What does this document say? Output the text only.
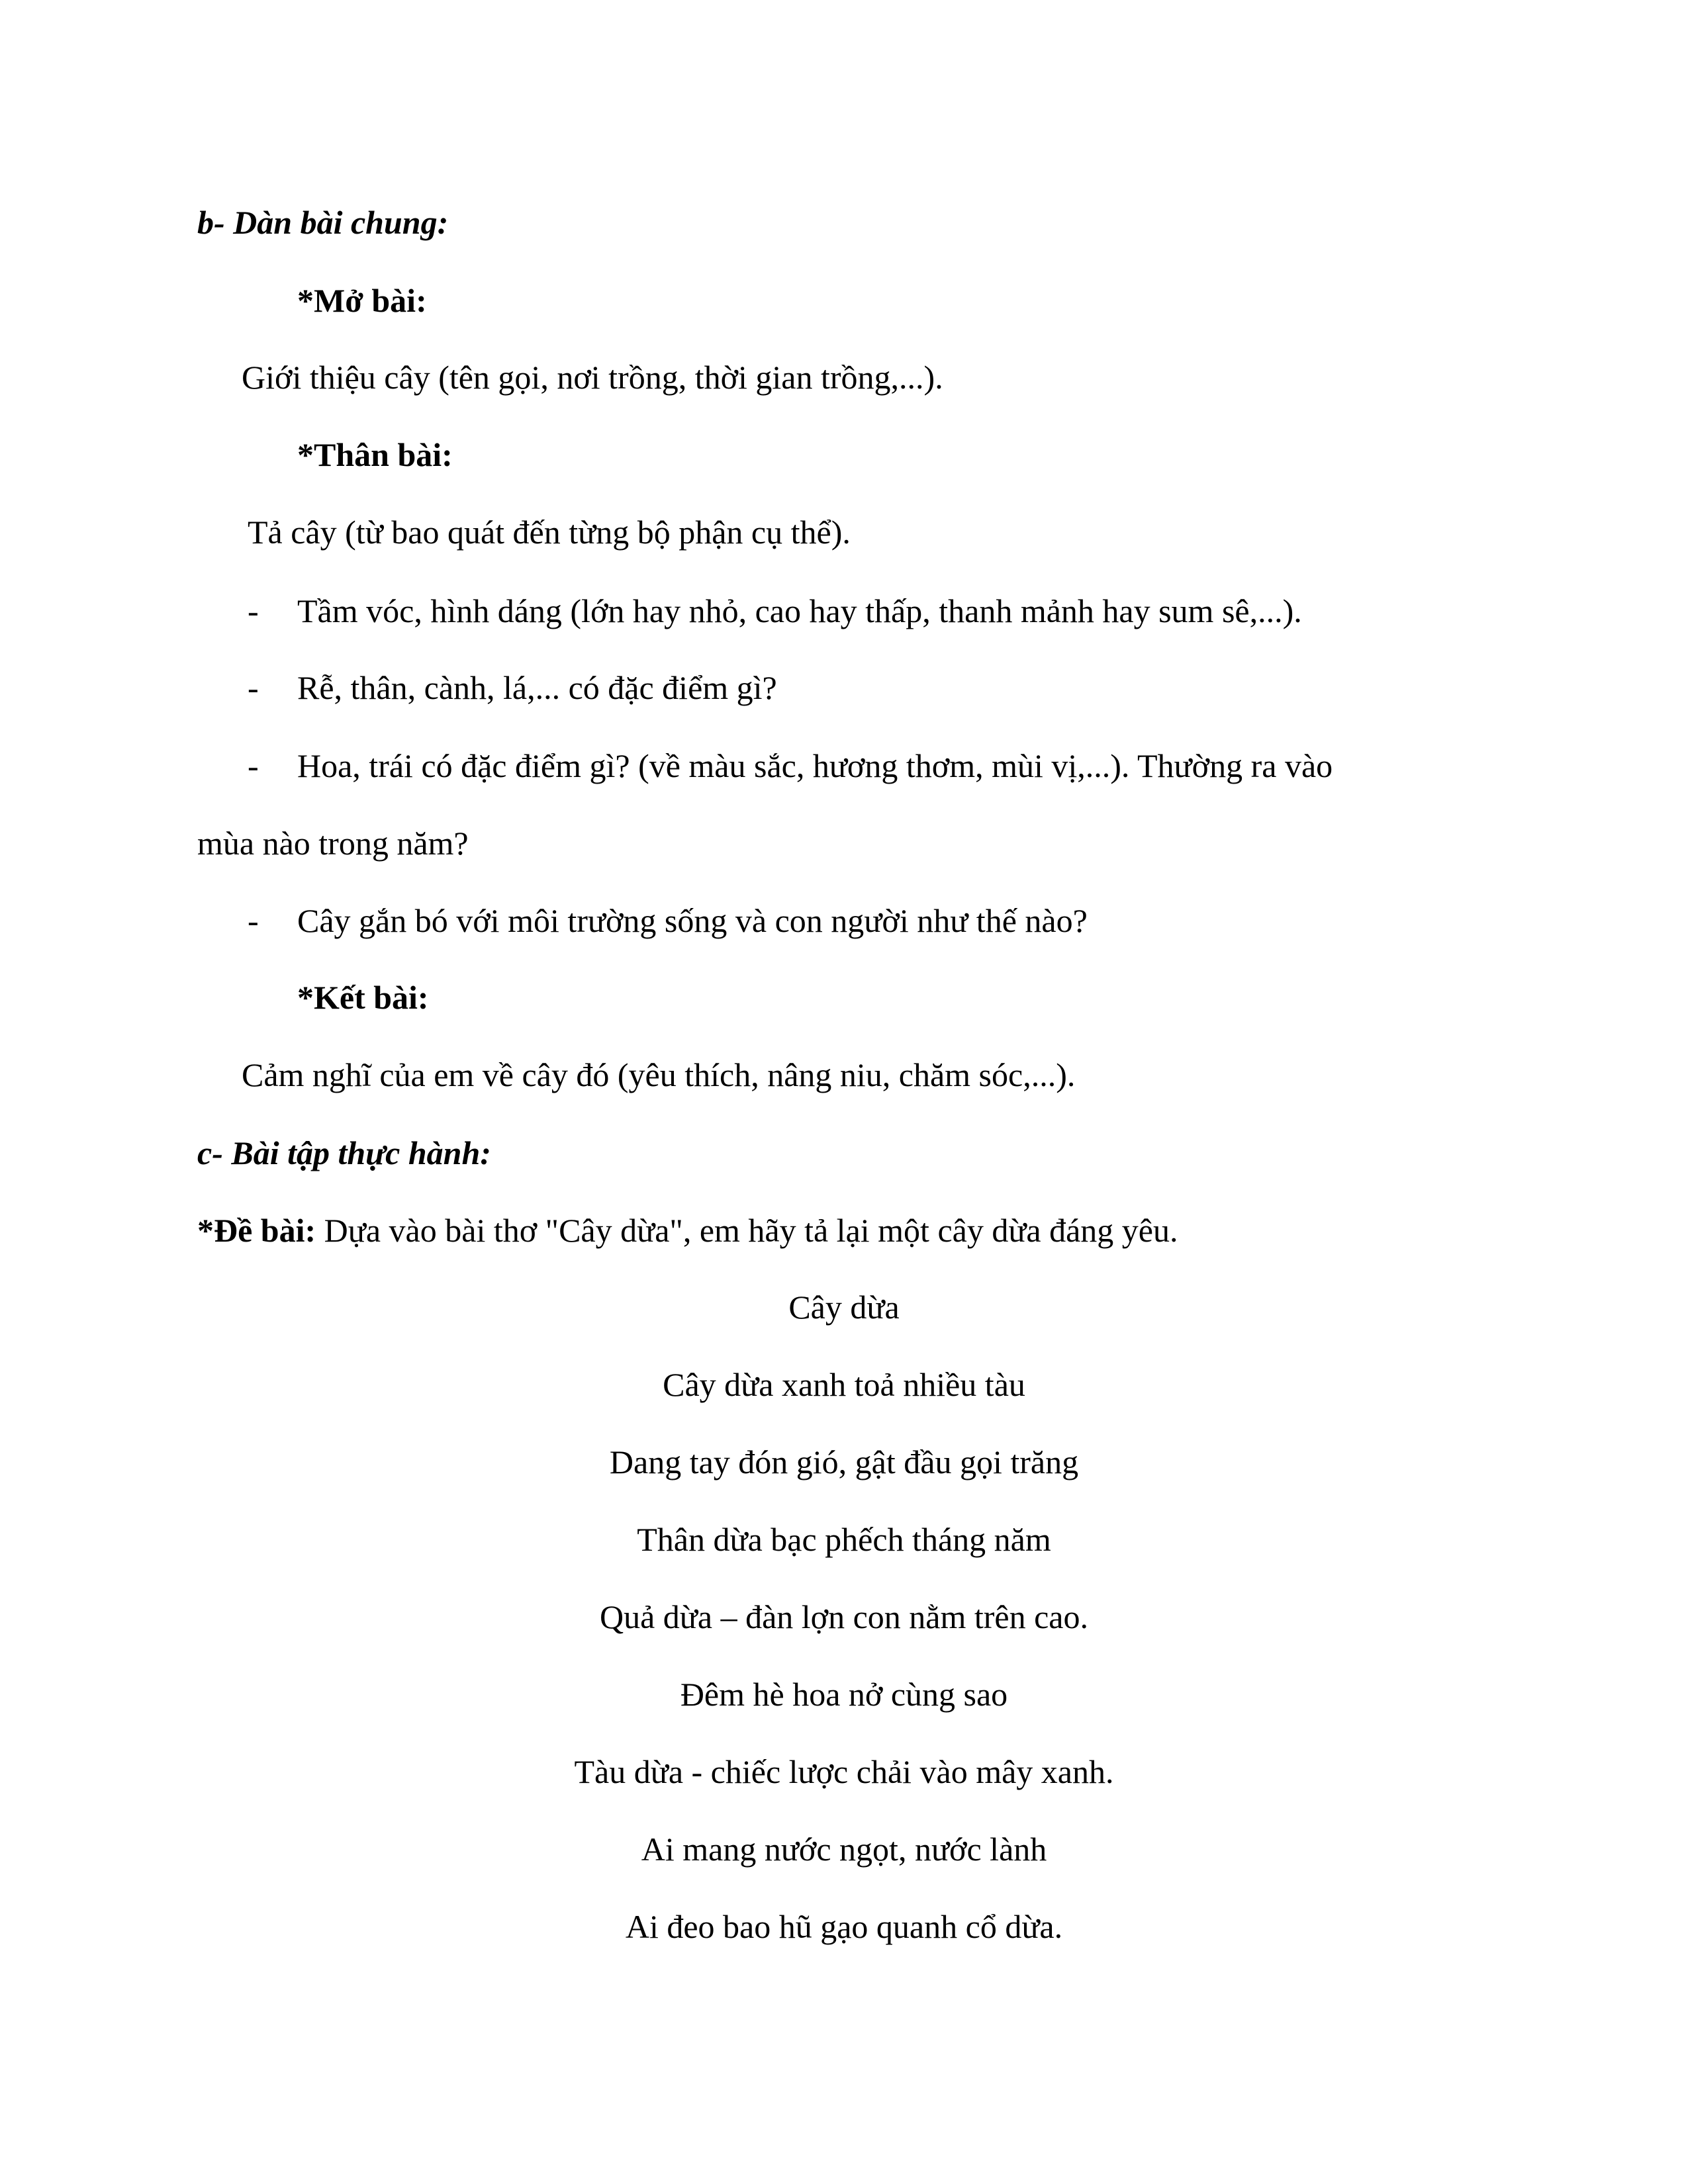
b- Dàn bài chung:
*Mở bài:
Giới thiệu cây (tên gọi, nơi trồng, thời gian trồng,...).
*Thân bài:
Tả cây (từ bao quát đến từng bộ phận cụ thể).
- Tầm vóc, hình dáng (lớn hay nhỏ, cao hay thấp, thanh mảnh hay sum sê,...).
- Rễ, thân, cành, lá,... có đặc điểm gì?
- Hoa, trái có đặc điểm gì? (về màu sắc, hương thơm, mùi vị,...). Thường ra vào
mùa nào trong năm?
- Cây gắn bó với môi trường sống và con người như thế nào?
*Kết bài:
Cảm nghĩ của em về cây đó (yêu thích, nâng niu, chăm sóc,...).
c- Bài tập thực hành:
*Đề bài: Dựa vào bài thơ "Cây dừa", em hãy tả lại một cây dừa đáng yêu.
Cây dừa
Cây dừa xanh toả nhiều tàu
Dang tay đón gió, gật đầu gọi trăng
Thân dừa bạc phếch tháng năm
Quả dừa – đàn lợn con nằm trên cao.
Đêm hè hoa nở cùng sao
Tàu dừa - chiếc lược chải vào mây xanh.
Ai mang nước ngọt, nước lành
Ai đeo bao hũ gạo quanh cổ dừa.
